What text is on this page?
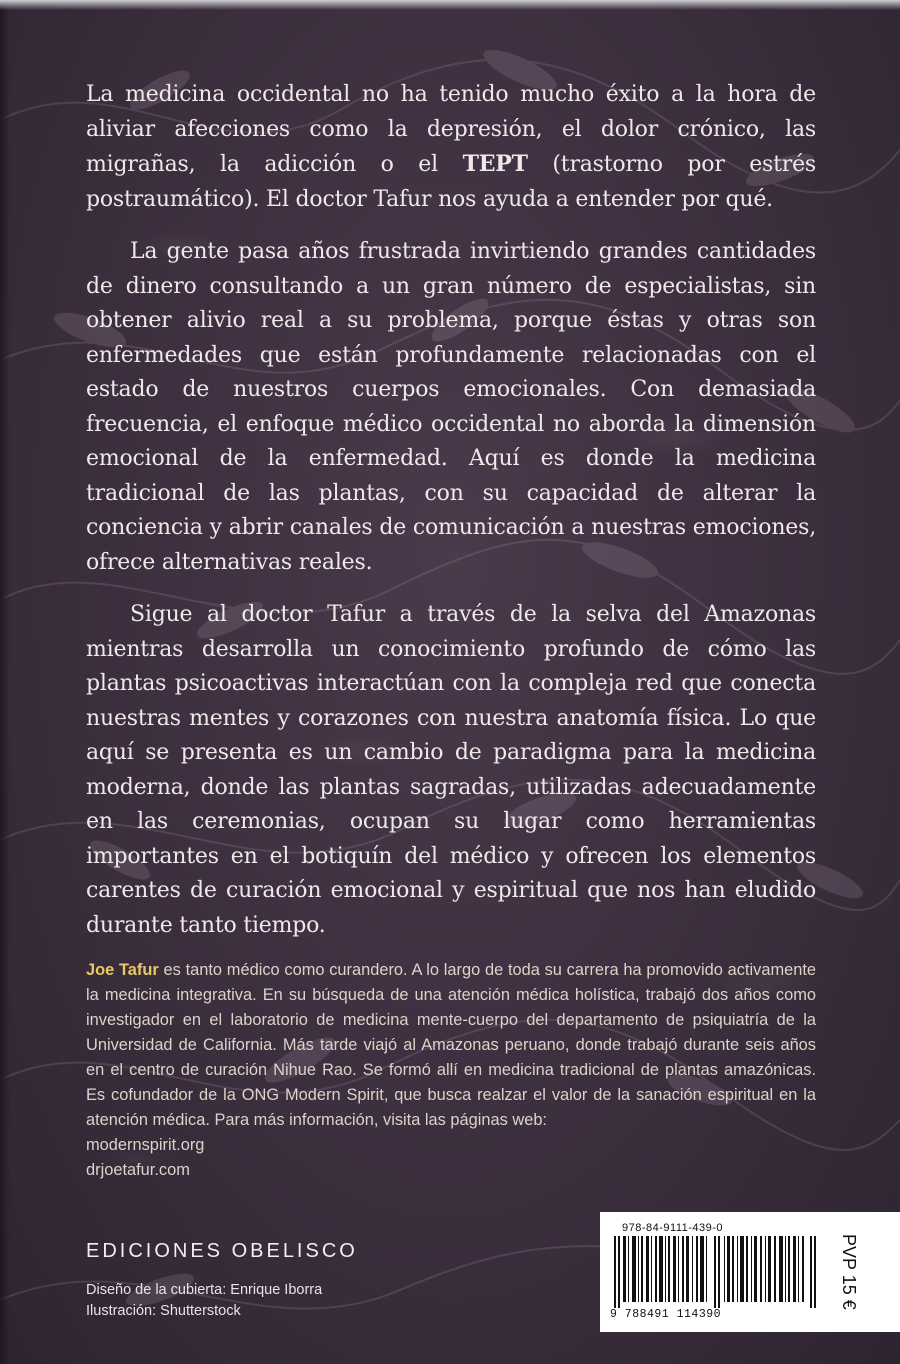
La medicina occidental no ha tenido mucho éxito a la hora de aliviar afecciones como la depresión, el dolor crónico, las migrañas, la adicción o el TEPT (trastorno por estrés postraumático). El doctor Tafur nos ayuda a entender por qué.

La gente pasa años frustrada invirtiendo grandes cantidades de dinero consultando a un gran número de especialistas, sin obtener alivio real a su problema, porque éstas y otras son enfermedades que están profundamente relacionadas con el estado de nuestros cuerpos emocionales. Con demasiada frecuencia, el enfoque médico occidental no aborda la dimensión emocional de la enfermedad. Aquí es donde la medicina tradicional de las plantas, con su capacidad de alterar la conciencia y abrir canales de comunicación a nuestras emociones, ofrece alternativas reales.

Sigue al doctor Tafur a través de la selva del Amazonas mientras desarrolla un conocimiento profundo de cómo las plantas psicoactivas interactúan con la compleja red que conecta nuestras mentes y corazones con nuestra anatomía física. Lo que aquí se presenta es un cambio de paradigma para la medicina moderna, donde las plantas sagradas, utilizadas adecuadamente en las ceremonias, ocupan su lugar como herramientas importantes en el botiquín del médico y ofrecen los elementos carentes de curación emocional y espiritual que nos han eludido durante tanto tiempo.

Joe Tafur es tanto médico como curandero. A lo largo de toda su carrera ha promovido activamente la medicina integrativa. En su búsqueda de una atención médica holística, trabajó dos años como investigador en el laboratorio de medicina mente-cuerpo del departamento de psiquiatría de la Universidad de California. Más tarde viajó al Amazonas peruano, donde trabajó durante seis años en el centro de curación Nihue Rao. Se formó allí en medicina tradicional de plantas amazónicas. Es cofundador de la ONG Modern Spirit, que busca realzar el valor de la sanación espiritual en la atención médica. Para más información, visita las páginas web:
modernspirit.org
drjoetafur.com
EDICIONES OBELISCO
Diseño de la cubierta: Enrique Iborra
Ilustración: Shutterstock
978-84-9111-439-0
9 788491 114390
PVP 15 €
